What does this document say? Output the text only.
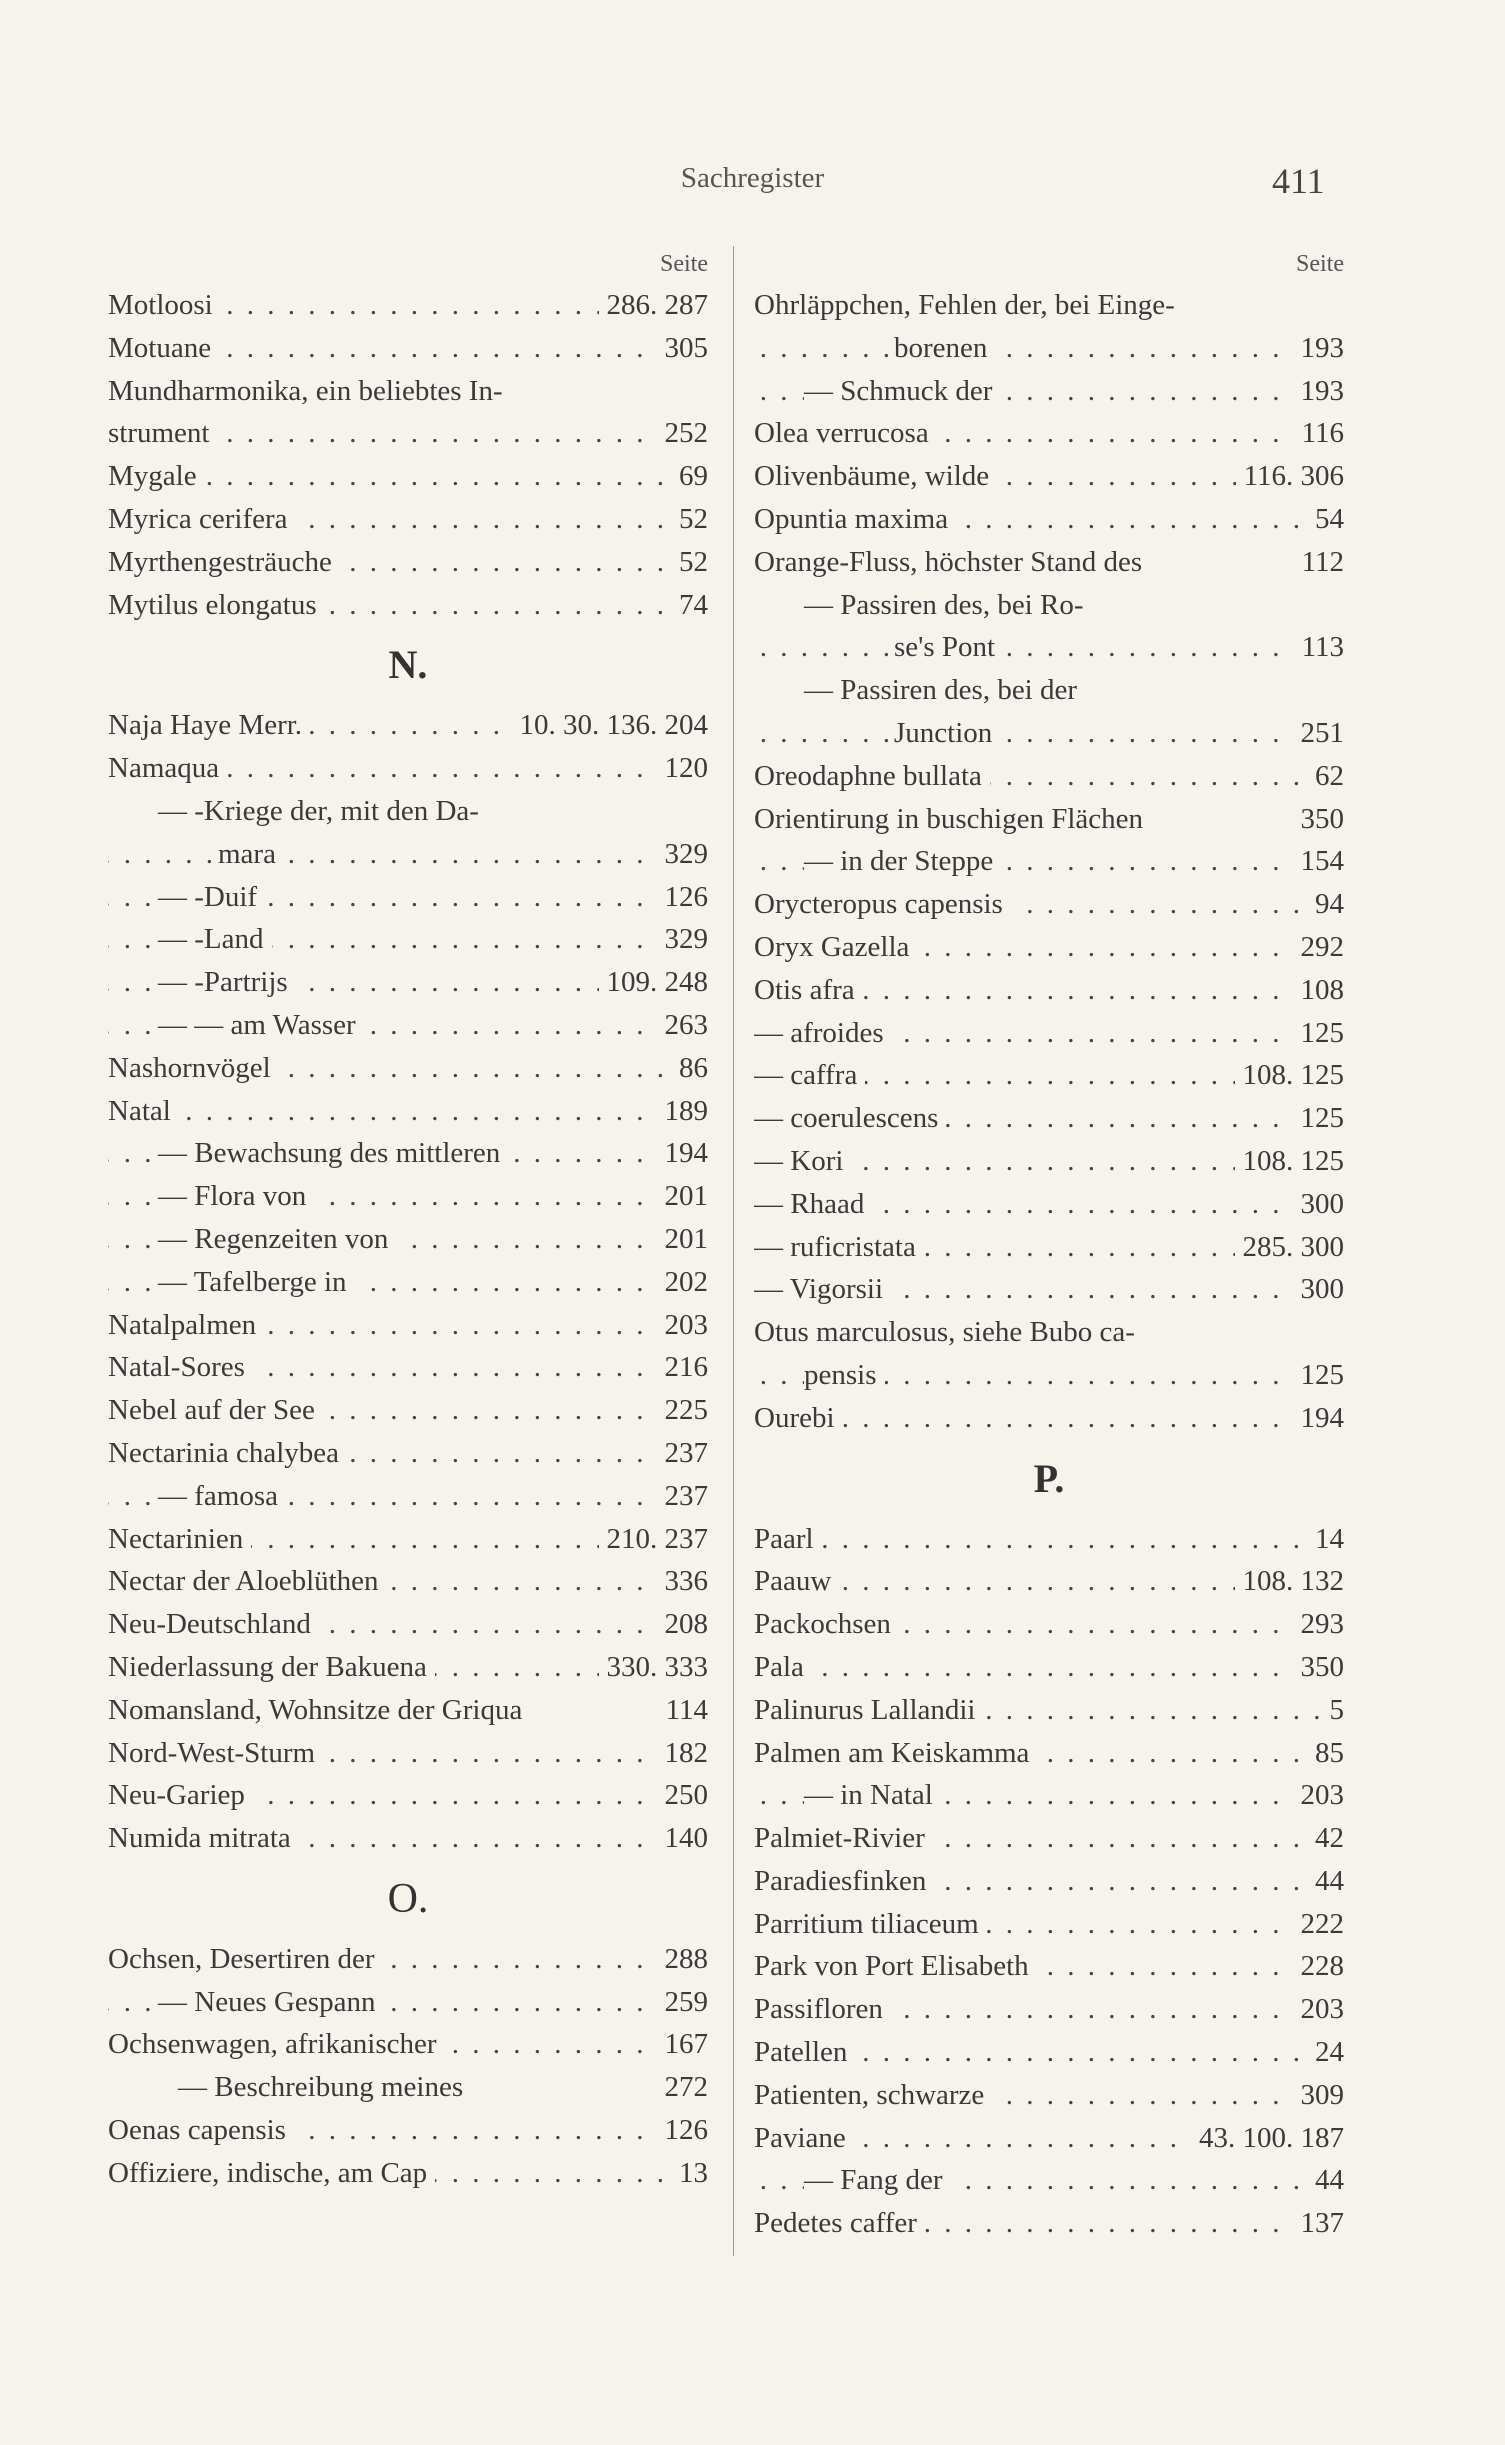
Sachregister	411
Seite
. . . Motloosi	286. 287
. . . Motuane	305
Mundharmonika, ein beliebtes In-
. . . strument	252
. . . Mygale	69
. . . Myrica cerifera	52
. . . Myrthengesträuche	52
. . . Mytilus elongatus	74
N.
. . . Naja Haye Merr.	10. 30. 136. 204
. . . Namaqua	120
— -Kriege der, mit den Da-
. . . mara	329
. . . — -Duif	126
. . . — -Land	329
. . . — -Partrijs	109. 248
. . . — — am Wasser	263
. . . Nashornvögel	86
. . . Natal	189
. . . — Bewachsung des mittleren	194
. . . — Flora von	201
. . . — Regenzeiten von	201
. . . — Tafelberge in	202
. . . Natalpalmen	203
. . . Natal-Sores	216
. . . Nebel auf der See	225
. . . Nectarinia chalybea	237
. . . — famosa	237
. . . Nectarinien	210. 237
. . . Nectar der Aloeblüthen	336
. . . Neu-Deutschland	208
. . . Niederlassung der Bakuena	330. 333
Nomansland, Wohnsitze der Griqua	114
. . . Nord-West-Sturm	182
. . . Neu-Gariep	250
. . . Numida mitrata	140
O.
. . . Ochsen, Desertiren der	288
. . . — Neues Gespann	259
. . . Ochsenwagen, afrikanischer	167
— Beschreibung meines	272
. . . Oenas capensis	126
. . . Offiziere, indische, am Cap	13
Seite
Ohrläppchen, Fehlen der, bei Einge-
. . . borenen	193
. . . — Schmuck der	193
. . . Olea verrucosa	116
. . . Olivenbäume, wilde	116. 306
. . . Opuntia maxima	54
Orange-Fluss, höchster Stand des	112
— Passiren des, bei Ro-
. . . se's Pont	113
— Passiren des, bei der
. . . Junction	251
. . . Oreodaphne bullata	62
Orientirung in buschigen Flächen	350
. . . — in der Steppe	154
. . . Orycteropus capensis	94
. . . Oryx Gazella	292
. . . Otis afra	108
. . . — afroides	125
. . . — caffra	108. 125
. . . — coerulescens	125
. . . — Kori	108. 125
. . . — Rhaad	300
. . . — ruficristata	285. 300
. . . — Vigorsii	300
Otus marculosus, siehe Bubo ca-
. . . pensis	125
. . . Ourebi	194
P.
. . . Paarl	14
. . . Paauw	108. 132
. . . Packochsen	293
. . . Pala	350
. . . Palinurus Lallandii	5
. . . Palmen am Keiskamma	85
. . . — in Natal	203
. . . Palmiet-Rivier	42
. . . Paradiesfinken	44
. . . Parritium tiliaceum	222
. . . Park von Port Elisabeth	228
. . . Passifloren	203
. . . Patellen	24
. . . Patienten, schwarze	309
. . . Paviane	43. 100. 187
. . . — Fang der	44
. . . Pedetes caffer	137
